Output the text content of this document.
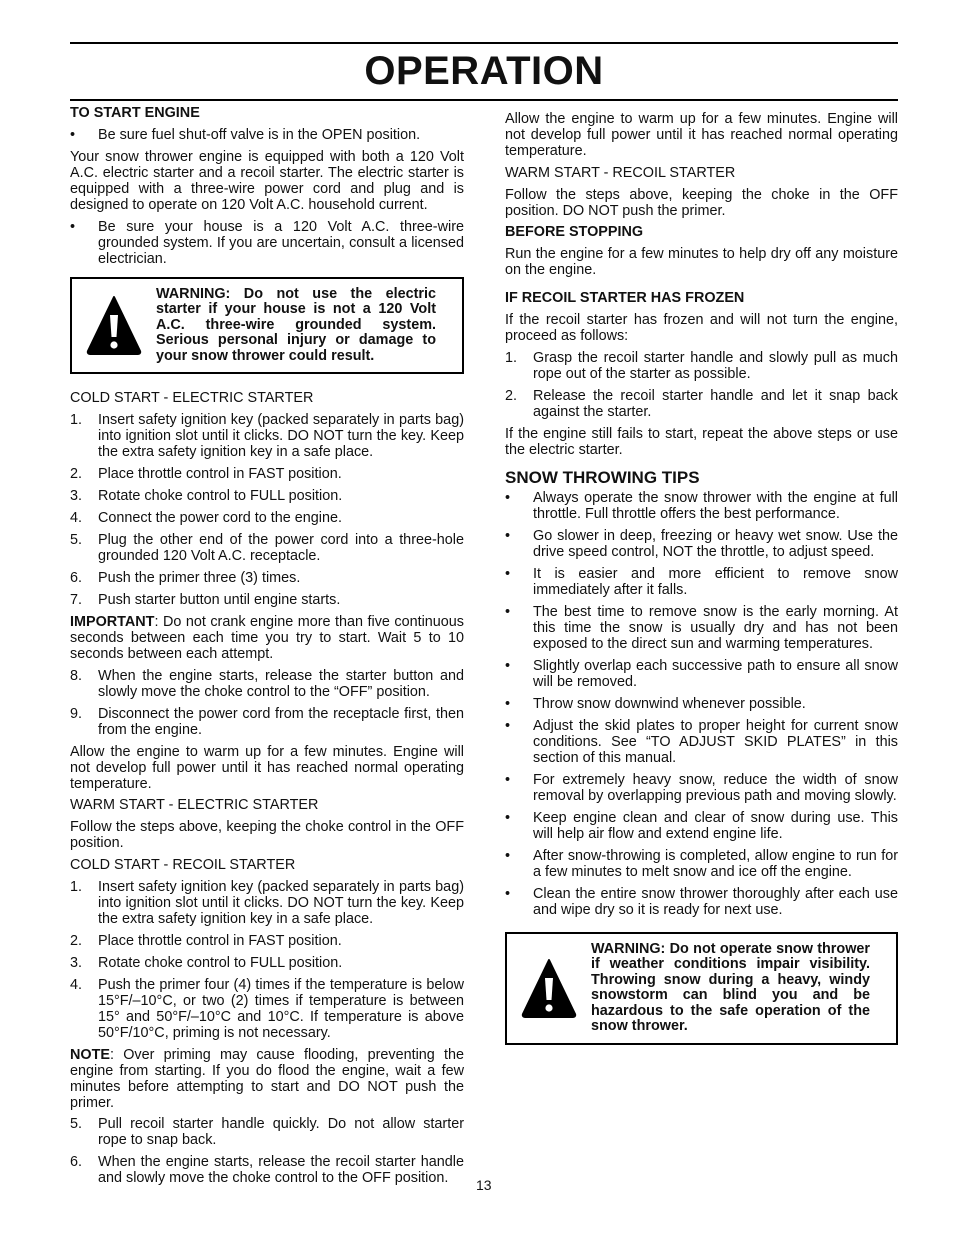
OPERATION
TO START ENGINE
•	Be sure fuel shut-off valve is in the OPEN position.

Your snow thrower engine is equipped with both a 120 Volt A.C. electric starter and a recoil starter. The electric starter is equipped with a three-wire power cord and plug and is designed to operate on 120 Volt A.C. household current.

•	Be sure your house is a 120 Volt A.C. three-wire grounded system. If you are uncertain, consult a licensed electrician.
WARNING: Do not use the electric starter if your house is not a 120 Volt A.C. three-wire grounded system. Serious personal injury or damage to your snow thrower could result.
COLD START - ELECTRIC STARTER
1.	Insert safety ignition key (packed separately in parts bag) into ignition slot until it clicks. DO NOT turn the key. Keep the extra safety ignition key in a safe place.
2.	Place throttle control in FAST position.
3.	Rotate choke control to FULL position.
4.	Connect the power cord to the engine.
5.	Plug the other end of the power cord into a three-hole grounded 120 Volt A.C. receptacle.
6.	Push the primer three (3) times.
7.	Push starter button until engine starts.

IMPORTANT: Do not crank engine more than five continuous seconds between each time you try to start. Wait 5 to 10 seconds between each attempt.

8.	When the engine starts, release the starter button and slowly move the choke control to the “OFF” position.
9.	Disconnect the power cord from the receptacle first, then from the engine.

Allow the engine to warm up for a few minutes. Engine will not develop full power until it has reached normal operating temperature.

WARM START - ELECTRIC STARTER

Follow the steps above, keeping the choke control in the OFF position.

COLD START - RECOIL STARTER
1.	Insert safety ignition key (packed separately in parts bag) into ignition slot until it clicks. DO NOT turn the key. Keep the extra safety ignition key in a safe place.
2.	Place throttle control in FAST position.
3.	Rotate choke control to FULL position.
4.	Push the primer four (4) times if the temperature is below 15°F/–10°C, or two (2) times if temperature is between 15° and 50°F/–10°C and 10°C. If temperature is above 50°F/10°C, priming is not necessary.

NOTE: Over priming may cause flooding, preventing the engine from starting. If you do flood the engine, wait a few minutes before attempting to start and DO NOT push the primer.

5.	Pull recoil starter handle quickly. Do not allow starter rope to snap back.
6.	When the engine starts, release the recoil starter handle and slowly move the choke control to the OFF position.

Allow the engine to warm up for a few minutes. Engine will not develop full power until it has reached normal operating temperature.

WARM START - RECOIL STARTER

Follow the steps above, keeping the choke in the OFF position. DO NOT push the primer.

BEFORE STOPPING

Run the engine for a few minutes to help dry off any moisture on the engine.

IF RECOIL STARTER HAS FROZEN

If the recoil starter has frozen and will not turn the engine, proceed as follows:

1.	Grasp the recoil starter handle and slowly pull as much rope out of the starter as possible.
2.	Release the recoil starter handle and let it snap back against the starter.

If the engine still fails to start, repeat the above steps or use the electric starter.

SNOW THROWING TIPS
•	Always operate the snow thrower with the engine at full throttle. Full throttle offers the best performance.
•	Go slower in deep, freezing or heavy wet snow. Use the drive speed control, NOT the throttle, to adjust speed.
•	It is easier and more efficient to remove snow immediately after it falls.
•	The best time to remove snow is the early morning. At this time the snow is usually dry and has not been exposed to the direct sun and warming temperatures.
•	Slightly overlap each successive path to ensure all snow will be removed.
•	Throw snow downwind whenever possible.
•	Adjust the skid plates to proper height for current snow conditions. See “TO ADJUST SKID PLATES” in this section of this manual.
•	For extremely heavy snow, reduce the width of snow removal by overlapping previous path and moving slowly.
•	Keep engine clean and clear of snow during use. This will help air flow and extend engine life.
•	After snow-throwing is completed, allow engine to run for a few minutes to melt snow and ice off the engine.
•	Clean the entire snow thrower thoroughly after each use and wipe dry so it is ready for next use.
WARNING: Do not operate snow thrower if weather conditions impair visibility. Throwing snow during a heavy, windy snowstorm can blind you and be hazardous to the safe operation of the snow thrower.
13
